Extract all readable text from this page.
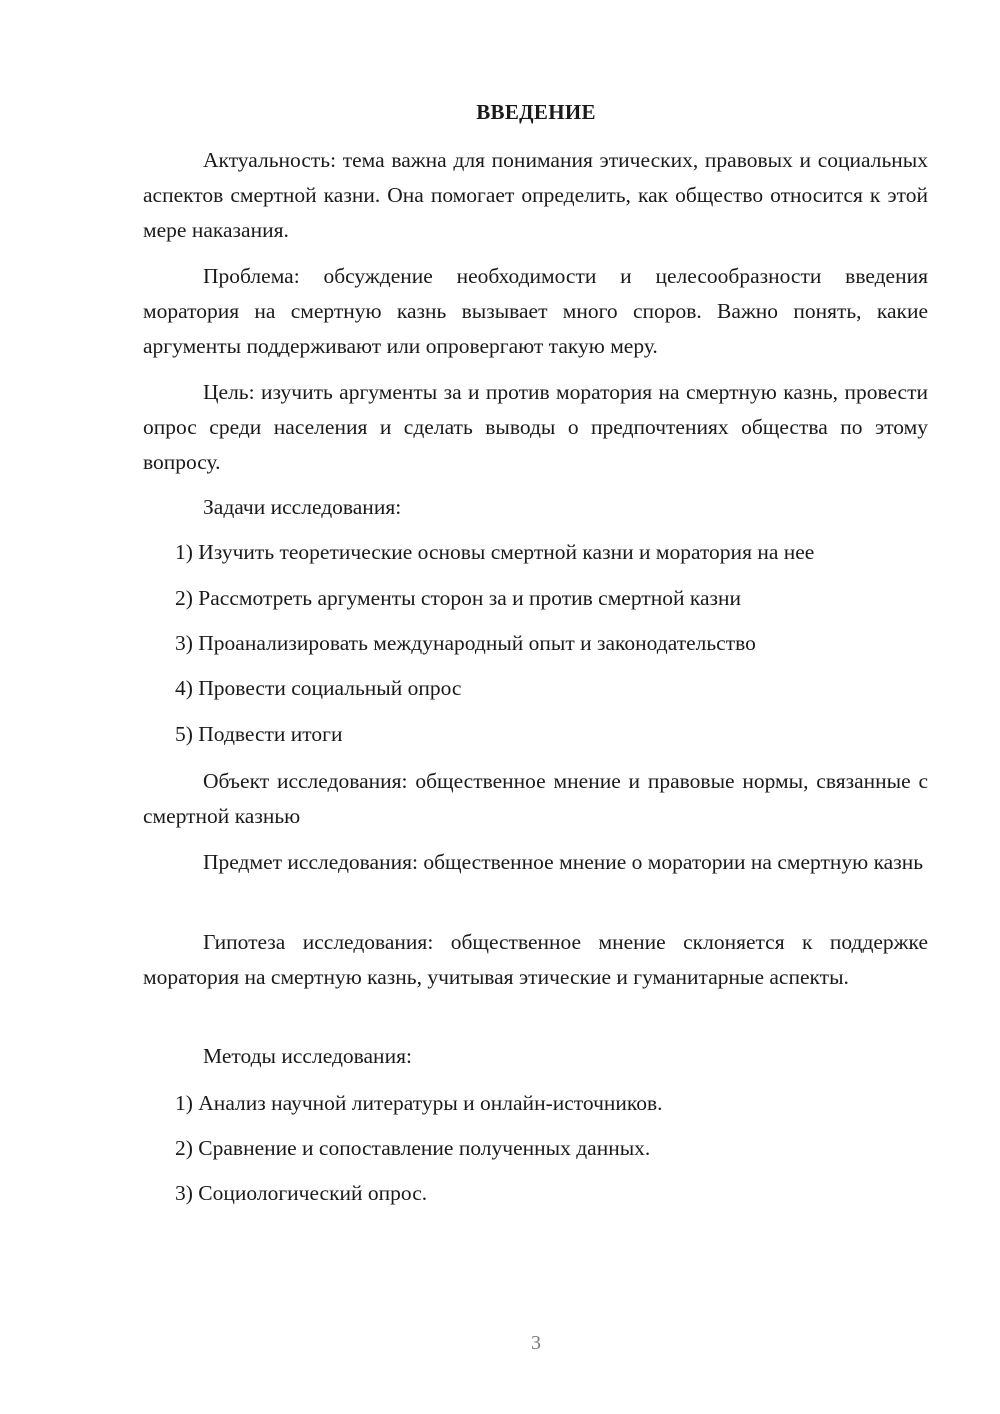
ВВЕДЕНИЕ
Актуальность: тема важна для понимания этических, правовых и социальных аспектов смертной казни. Она помогает определить, как общество относится к этой мере наказания.
Проблема: обсуждение необходимости и целесообразности введения моратория на смертную казнь вызывает много споров. Важно понять, какие аргументы поддерживают или опровергают такую меру.
Цель: изучить аргументы за и против моратория на смертную казнь, провести опрос среди населения и сделать выводы о предпочтениях общества по этому вопросу.
Задачи исследования:
1) Изучить теоретические основы смертной казни и моратория на нее
2) Рассмотреть аргументы сторон за и против смертной казни
3) Проанализировать международный опыт и законодательство
4) Провести социальный опрос
5) Подвести итоги
Объект исследования: общественное мнение и правовые нормы, связанные с смертной казнью
Предмет исследования: общественное мнение о моратории на смертную казнь
Гипотеза исследования: общественное мнение склоняется к поддержке моратория на смертную казнь, учитывая этические и гуманитарные аспекты.
Методы исследования:
1) Анализ научной литературы и онлайн-источников.
2) Сравнение и сопоставление полученных данных.
3) Социологический опрос.
3
